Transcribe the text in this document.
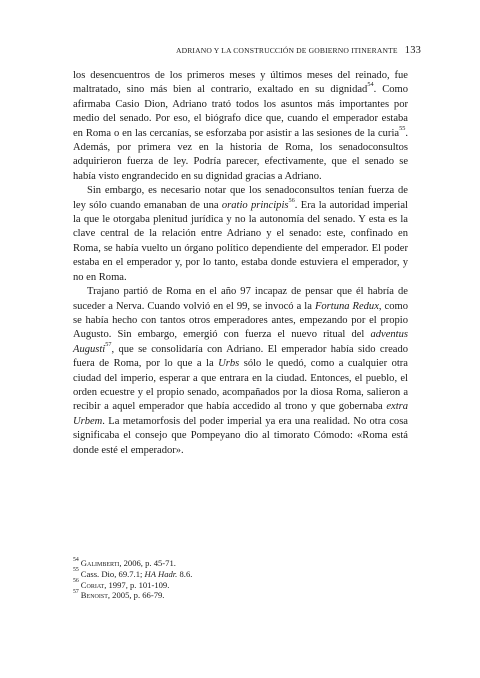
ADRIANO Y LA CONSTRUCCIÓN DE GOBIERNO ITINERANTE 133

los desencuentros de los primeros meses y últimos meses del reinado, fue maltratado, sino más bien al contrario, exaltado en su dignidad$^{54}$. Como afirmaba Casio Dion, Adriano trató todos los asuntos más importantes por medio del senado. Por eso, el biógrafo dice que, cuando el emperador estaba en Roma o en las cercanías, se esforzaba por asistir a las sesiones de la curia$^{55}$. Además, por primera vez en la historia de Roma, los senadoconsultos adquirieron fuerza de ley. Podría parecer, efectivamente, que el senado se había visto engrandecido en su dignidad gracias a Adriano.

Sin embargo, es necesario notar que los senadoconsultos tenían fuerza de ley sólo cuando emanaban de una oratio principis$^{56}$. Era la autoridad imperial la que le otorgaba plenitud jurídica y no la autonomía del senado. Y esta es la clave central de la relación entre Adriano y el senado: este, confinado en Roma, se había vuelto un órgano político dependiente del emperador. El poder estaba en el emperador y, por lo tanto, estaba donde estuviera el emperador, y no en Roma.

Trajano partió de Roma en el año 97 incapaz de pensar que él habría de suceder a Nerva. Cuando volvió en el 99, se invocó a la Fortuna Redux, como se había hecho con tantos otros emperadores antes, empezando por el propio Augusto. Sin embargo, emergió con fuerza el nuevo ritual del adventus Augusti$^{57}$, que se consolidaría con Adriano. El emperador había sido creado fuera de Roma, por lo que a la Urbs sólo le quedó, como a cualquier otra ciudad del imperio, esperar a que entrara en la ciudad. Entonces, el pueblo, el orden ecuestre y el propio senado, acompañados por la diosa Roma, salieron a recibir a aquel emperador que había accedido al trono y que gobernaba extra Urbem. La metamorfosis del poder imperial ya era una realidad. No otra cosa significaba el consejo que Pompeyano dio al timorato Cómodo: «Roma está donde esté el emperador».

$^{54}$ Galimberti, 2006, p. 45-71.
$^{55}$ Cass. Dio, 69.7.1; HA Hadr. 8.6.
$^{56}$ Coriat, 1997, p. 101-109.
$^{57}$ Benoist, 2005, p. 66-79.
